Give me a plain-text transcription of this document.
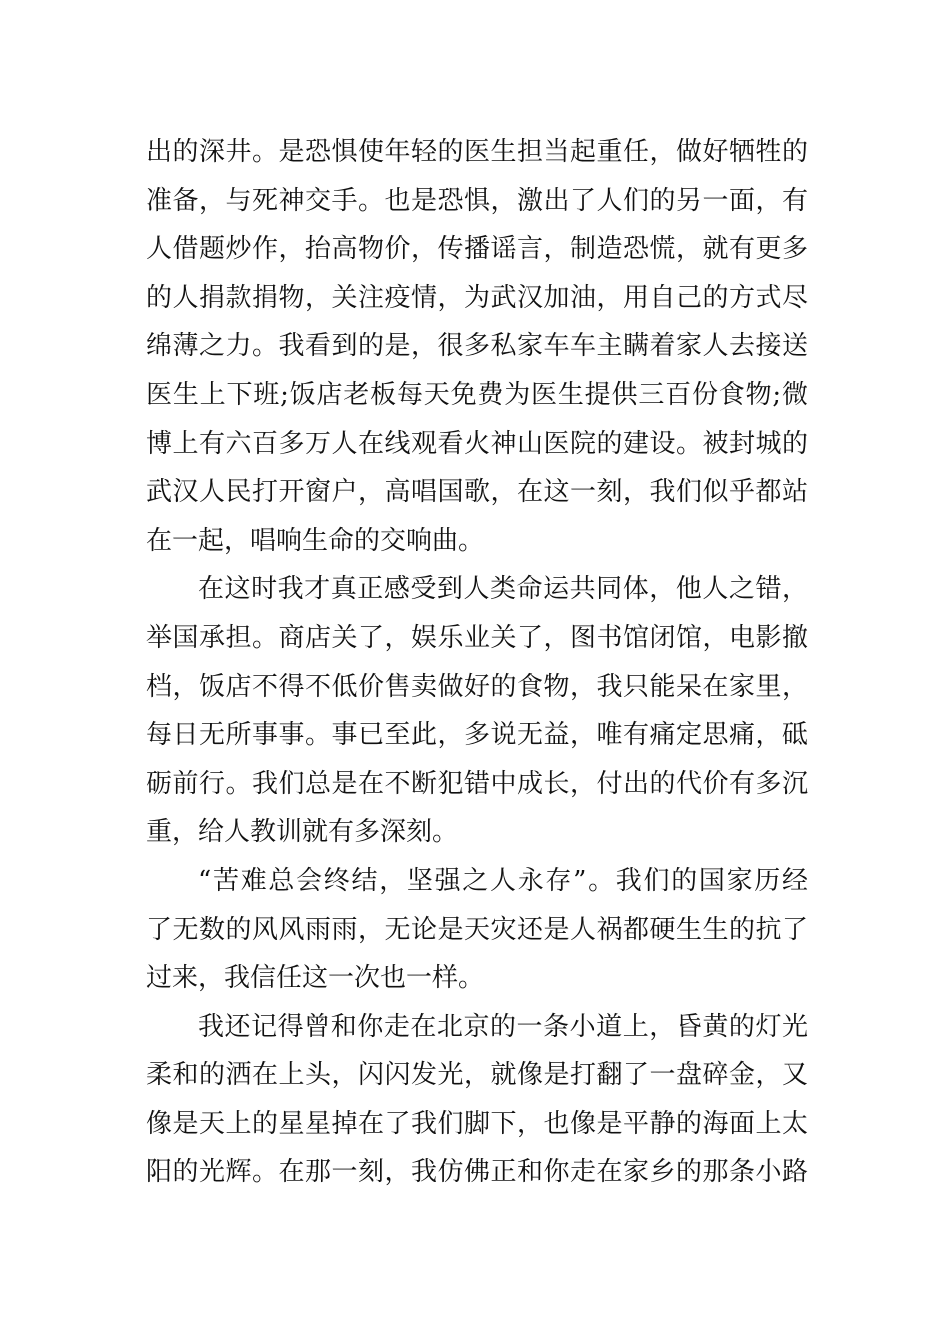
出的深井。是恐惧使年轻的医生担当起重任，做好牺牲的
准备，与死神交手。也是恐惧，激出了人们的另一面，有
人借题炒作，抬高物价，传播谣言，制造恐慌，就有更多
的人捐款捐物，关注疫情，为武汉加油，用自己的方式尽
绵薄之力。我看到的是，很多私家车车主瞒着家人去接送
医生上下班;饭店老板每天免费为医生提供三百份食物;微
博上有六百多万人在线观看火神山医院的建设。被封城的
武汉人民打开窗户，高唱国歌，在这一刻，我们似乎都站
在一起，唱响生命的交响曲。
在这时我才真正感受到人类命运共同体，他人之错，
举国承担。商店关了，娱乐业关了，图书馆闭馆，电影撤
档，饭店不得不低价售卖做好的食物，我只能呆在家里，
每日无所事事。事已至此，多说无益，唯有痛定思痛，砥
砺前行。我们总是在不断犯错中成长，付出的代价有多沉
重，给人教训就有多深刻。
“苦难总会终结，坚强之人永存”。我们的国家历经
了无数的风风雨雨，无论是天灾还是人祸都硬生生的抗了
过来，我信任这一次也一样。
我还记得曾和你走在北京的一条小道上，昏黄的灯光
柔和的洒在上头，闪闪发光，就像是打翻了一盘碎金，又
像是天上的星星掉在了我们脚下，也像是平静的海面上太
阳的光辉。在那一刻，我仿佛正和你走在家乡的那条小路
